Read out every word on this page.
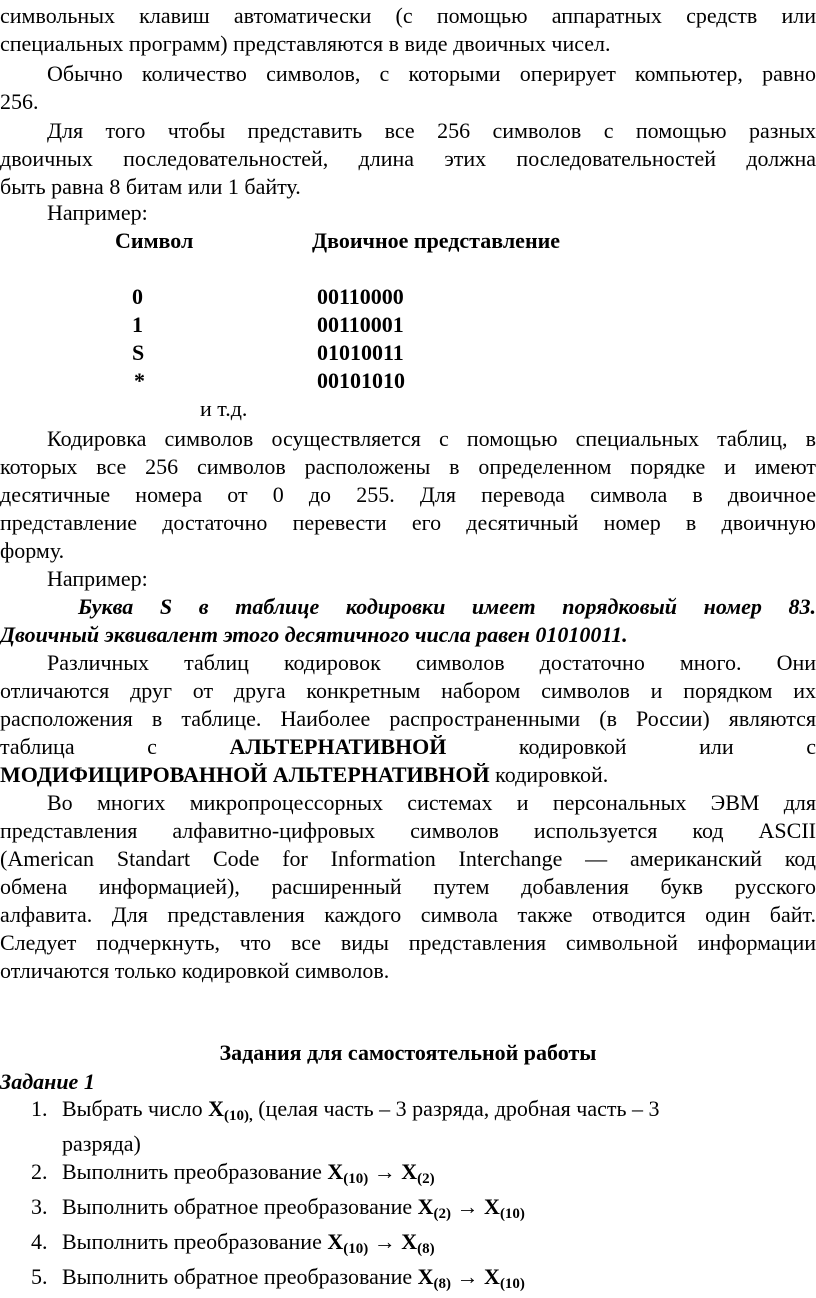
символьных клавиш автоматически (с помощью аппаратных средств или
специальных программ) представляются в виде двоичных чисел.
Обычно количество символов, с которыми оперирует компьютер, равно
256.
Для того чтобы представить все 256 символов с помощью разных
двоичных последовательностей, длина этих последовательностей должна
быть равна 8 битам или 1 байту.
Например:
Символ	Двоичное представление
0	00110000
1	00110001
S	01010011
*	00101010
и т.д.
Кодировка символов осуществляется с помощью специальных таблиц, в
которых все 256 символов расположены в определенном порядке и имеют
десятичные номера от 0 до 255. Для перевода символа в двоичное
представление достаточно перевести его десятичный номер в двоичную
форму.
Например:
Буква S в таблице кодировки имеет порядковый номер 83.
Двоичный эквивалент этого десятичного числа равен 01010011.
Различных таблиц кодировок символов достаточно много. Они
отличаются друг от друга конкретным набором символов и порядком их
расположения в таблице. Наиболее распространенными (в России) являются
таблица	с	АЛЬТЕРНАТИВНОЙ	кодировкой	или	с
МОДИФИЦИРОВАННОЙ АЛЬТЕРНАТИВНОЙ кодировкой.
Во многих микропроцессорных системах и персональных ЭВМ для
представления алфавитно-цифровых символов используется код ASCII
(American Standart Code for Information Interchange — американский код
обмена информацией), расширенный путем добавления букв русского
алфавита. Для представления каждого символа также отводится один байт.
Следует подчеркнуть, что все виды представления символьной информации
отличаются только кодировкой символов.
Задания для самостоятельной работы
Задание 1
1. Выбрать число $X_{(10),}$ (целая часть – 3 разряда, дробная часть – 3
разряда)
2. Выполнить преобразование $X_{(10)} \to X_{(2)}$
3. Выполнить обратное преобразование $X_{(2)} \to X_{(10)}$
4. Выполнить преобразование $X_{(10)} \to X_{(8)}$
5. Выполнить обратное преобразование $X_{(8)} \to X_{(10)}$
